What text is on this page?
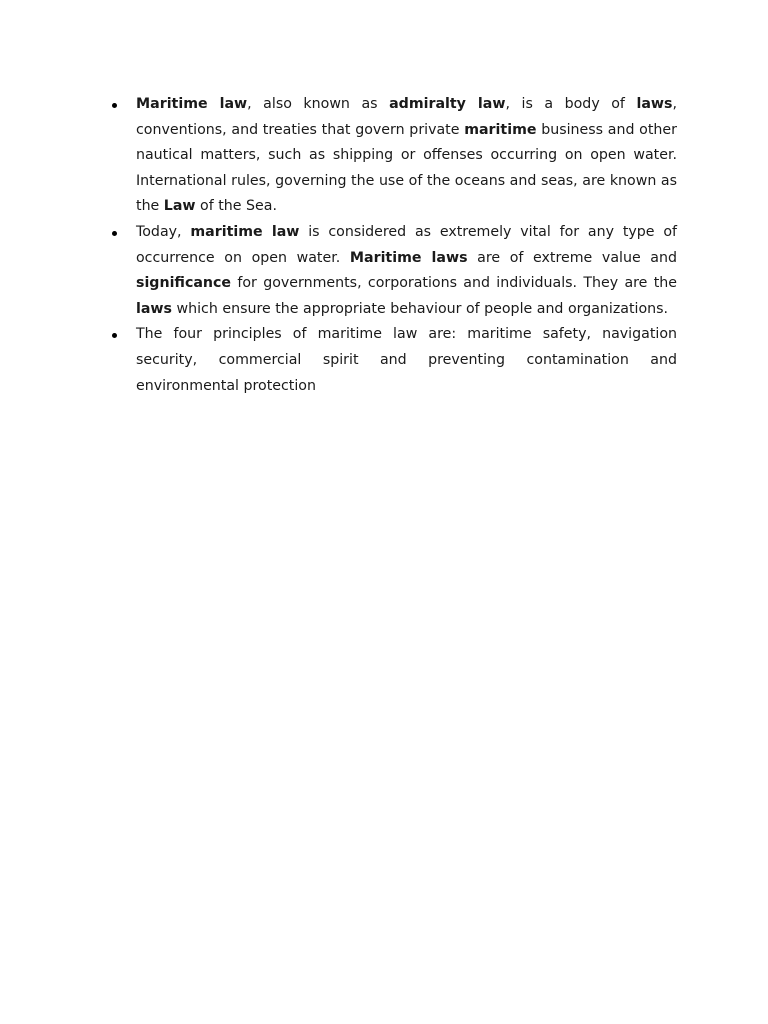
Maritime law, also known as admiralty law, is a body of laws, conventions, and treaties that govern private maritime business and other nautical matters, such as shipping or offenses occurring on open water. International rules, governing the use of the oceans and seas, are known as the Law of the Sea.
Today, maritime law is considered as extremely vital for any type of occurrence on open water. Maritime laws are of extreme value and significance for governments, corporations and individuals. They are the laws which ensure the appropriate behaviour of people and organizations.
The four principles of maritime law are: maritime safety, navigation security, commercial spirit and preventing contamination and environmental protection
